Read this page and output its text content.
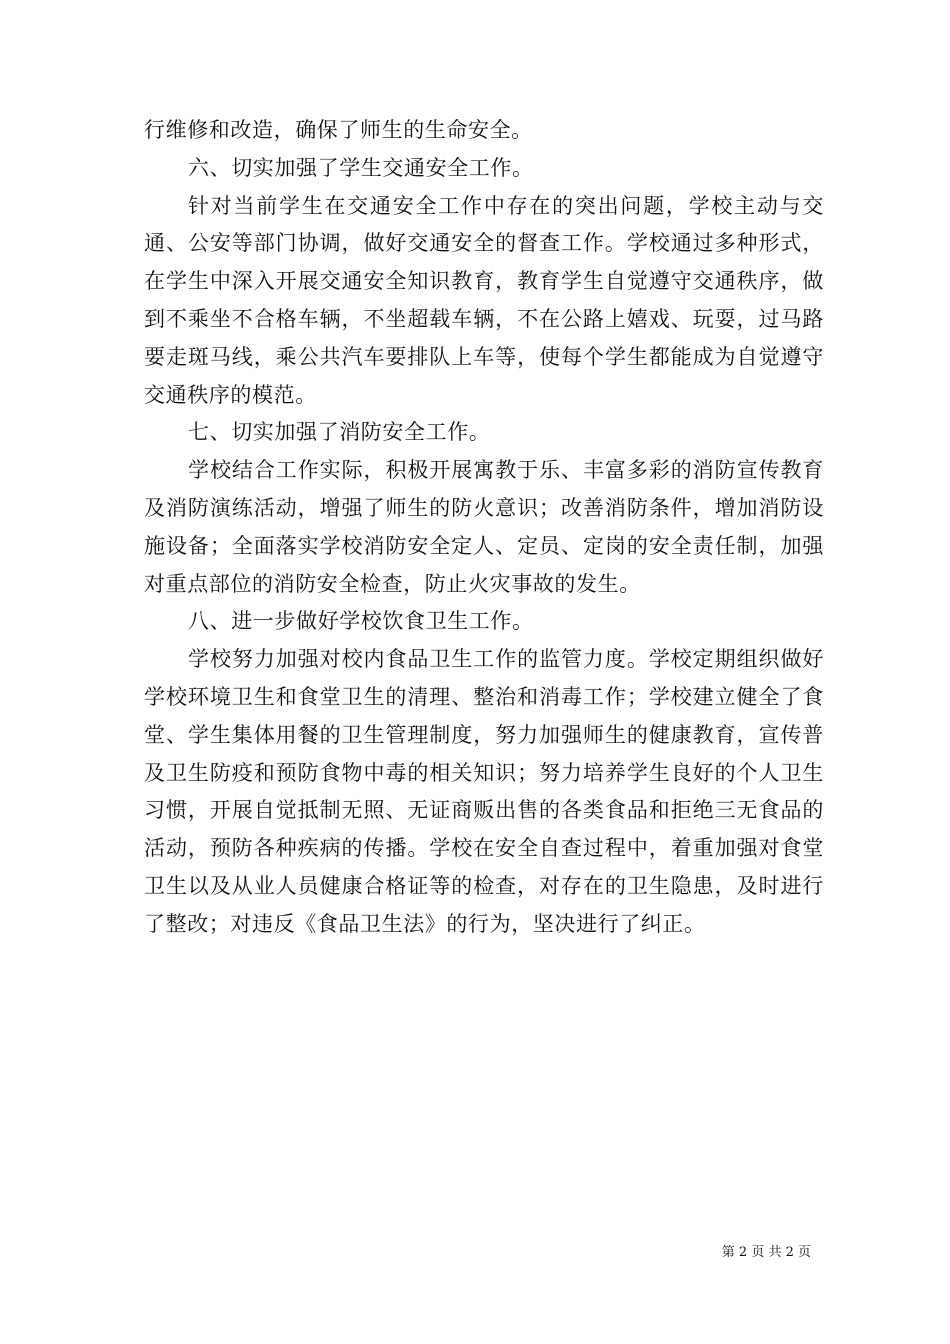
行维修和改造，确保了师生的生命安全。

六、切实加强了学生交通安全工作。

针对当前学生在交通安全工作中存在的突出问题，学校主动与交通、公安等部门协调，做好交通安全的督查工作。学校通过多种形式，在学生中深入开展交通安全知识教育，教育学生自觉遵守交通秩序，做到不乘坐不合格车辆，不坐超载车辆，不在公路上嬉戏、玩耍，过马路要走斑马线，乘公共汽车要排队上车等，使每个学生都能成为自觉遵守交通秩序的模范。

七、切实加强了消防安全工作。

学校结合工作实际，积极开展寓教于乐、丰富多彩的消防宣传教育及消防演练活动，增强了师生的防火意识；改善消防条件，增加消防设施设备；全面落实学校消防安全定人、定员、定岗的安全责任制，加强对重点部位的消防安全检查，防止火灾事故的发生。

八、进一步做好学校饮食卫生工作。

学校努力加强对校内食品卫生工作的监管力度。学校定期组织做好学校环境卫生和食堂卫生的清理、整治和消毒工作；学校建立健全了食堂、学生集体用餐的卫生管理制度，努力加强师生的健康教育，宣传普及卫生防疫和预防食物中毒的相关知识；努力培养学生良好的个人卫生习惯，开展自觉抵制无照、无证商贩出售的各类食品和拒绝三无食品的活动，预防各种疾病的传播。学校在安全自查过程中，着重加强对食堂卫生以及从业人员健康合格证等的检查，对存在的卫生隐患，及时进行了整改；对违反《食品卫生法》的行为，坚决进行了纠正。

第 2 页 共 2 页
